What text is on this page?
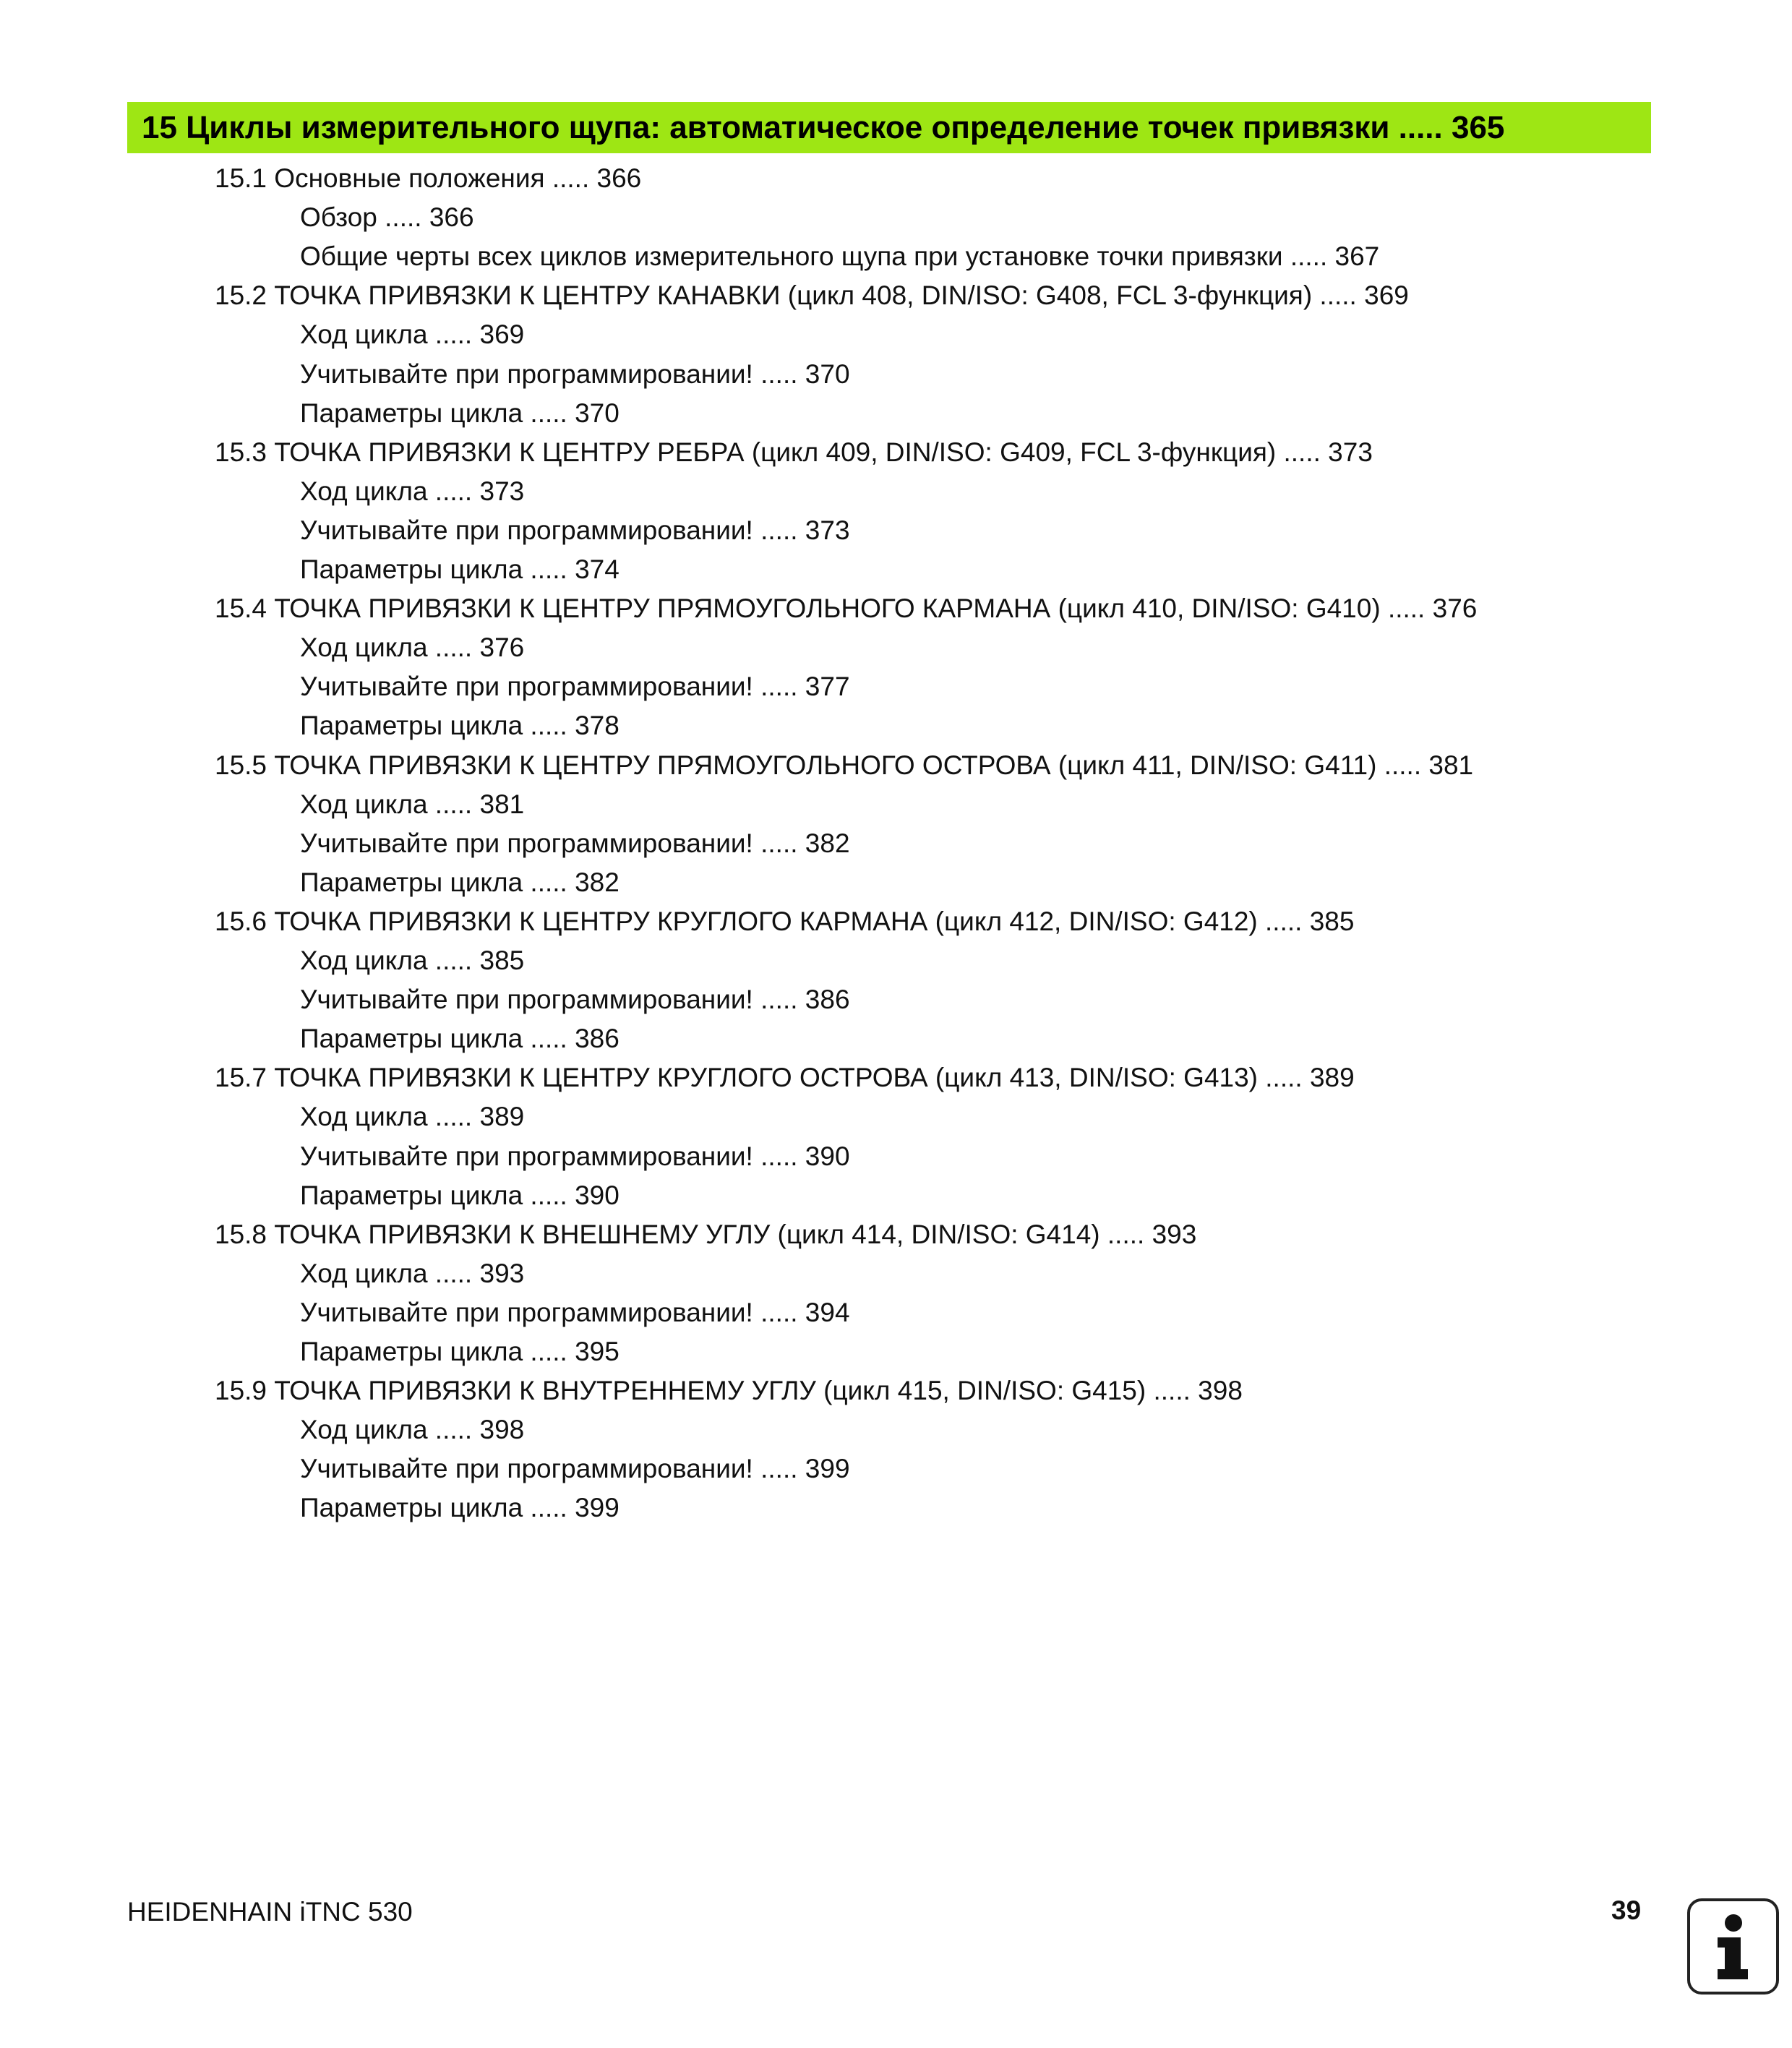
15 Циклы измерительного щупа: автоматическое определение точек привязки ..... 365
15.1 Основные положения ..... 366
Обзор ..... 366
Общие черты всех циклов измерительного щупа при установке точки привязки ..... 367
15.2 ТОЧКА ПРИВЯЗКИ К ЦЕНТРУ КАНАВКИ (цикл 408, DIN/ISO: G408, FCL 3-функция) ..... 369
Ход цикла ..... 369
Учитывайте при программировании! ..... 370
Параметры цикла ..... 370
15.3 ТОЧКА ПРИВЯЗКИ К ЦЕНТРУ РЕБРА (цикл 409, DIN/ISO: G409, FCL 3-функция) ..... 373
Ход цикла ..... 373
Учитывайте при программировании! ..... 373
Параметры цикла ..... 374
15.4 ТОЧКА ПРИВЯЗКИ К ЦЕНТРУ ПРЯМОУГОЛЬНОГО КАРМАНА (цикл 410, DIN/ISO: G410) ..... 376
Ход цикла ..... 376
Учитывайте при программировании! ..... 377
Параметры цикла ..... 378
15.5 ТОЧКА ПРИВЯЗКИ К ЦЕНТРУ ПРЯМОУГОЛЬНОГО ОСТРОВА (цикл 411, DIN/ISO: G411) ..... 381
Ход цикла ..... 381
Учитывайте при программировании! ..... 382
Параметры цикла ..... 382
15.6 ТОЧКА ПРИВЯЗКИ К ЦЕНТРУ КРУГЛОГО КАРМАНА (цикл 412, DIN/ISO: G412) ..... 385
Ход цикла ..... 385
Учитывайте при программировании! ..... 386
Параметры цикла ..... 386
15.7 ТОЧКА ПРИВЯЗКИ К ЦЕНТРУ КРУГЛОГО ОСТРОВА (цикл 413, DIN/ISO: G413) ..... 389
Ход цикла ..... 389
Учитывайте при программировании! ..... 390
Параметры цикла ..... 390
15.8 ТОЧКА ПРИВЯЗКИ К ВНЕШНЕМУ УГЛУ (цикл 414, DIN/ISO: G414) ..... 393
Ход цикла ..... 393
Учитывайте при программировании! ..... 394
Параметры цикла ..... 395
15.9 ТОЧКА ПРИВЯЗКИ К ВНУТРЕННЕМУ УГЛУ (цикл 415, DIN/ISO: G415) ..... 398
Ход цикла ..... 398
Учитывайте при программировании! ..... 399
Параметры цикла ..... 399
HEIDENHAIN iTNC 530	39
